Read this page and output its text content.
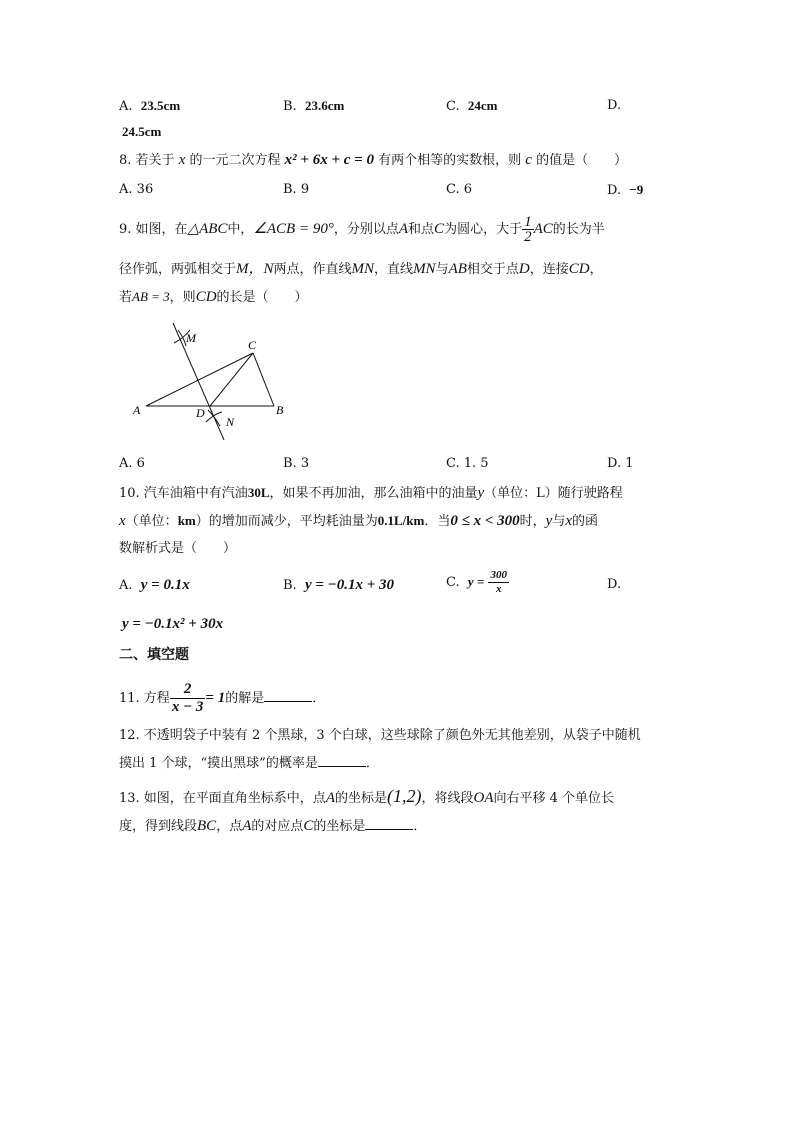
A. 23.5cm	B. 23.6cm	C. 24cm	D.
24.5cm
8. 若关于 x 的一元二次方程 x² + 6x + c = 0 有两个相等的实数根，则 c 的值是（　　）
A. 36	B. 9	C. 6	D. −9
9. 如图，在△ABC中，∠ACB = 90°，分别以点A和点C为圆心，大于 $\frac{1}{2}$ AC的长为半
径作弧，两弧相交于M，N两点，作直线MN，直线MN与AB相交于点D，连接CD，
若AB = 3，则CD的长是（　　）
M	C
A	D	B
N
A. 6	B. 3	C. 1. 5	D. 1
10. 汽车油箱中有汽油30L，如果不再加油，那么油箱中的油量y（单位：L）随行驶路程
x（单位：km）的增加而减少，平均耗油量为0.1L/km．当0 ≤ x < 300时，y与x的函
数解析式是（　　）
A. y = 0.1x	B. y = −0.1x + 30	C. $y = \frac{300}{x}$	D.
y = −0.1x² + 30x
二、填空题
11. 方程 $\frac{2}{x - 3} = 1$的解是	．
12. 不透明袋子中装有 2 个黑球，3 个白球，这些球除了颜色外无其他差别，从袋子中随机
摸出 1 个球，“摸出黑球”的概率是	．
13. 如图，在平面直角坐标系中，点A的坐标是(1,2)，将线段OA向右平移 4 个单位长
度，得到线段BC，点A的对应点C的坐标是	．
